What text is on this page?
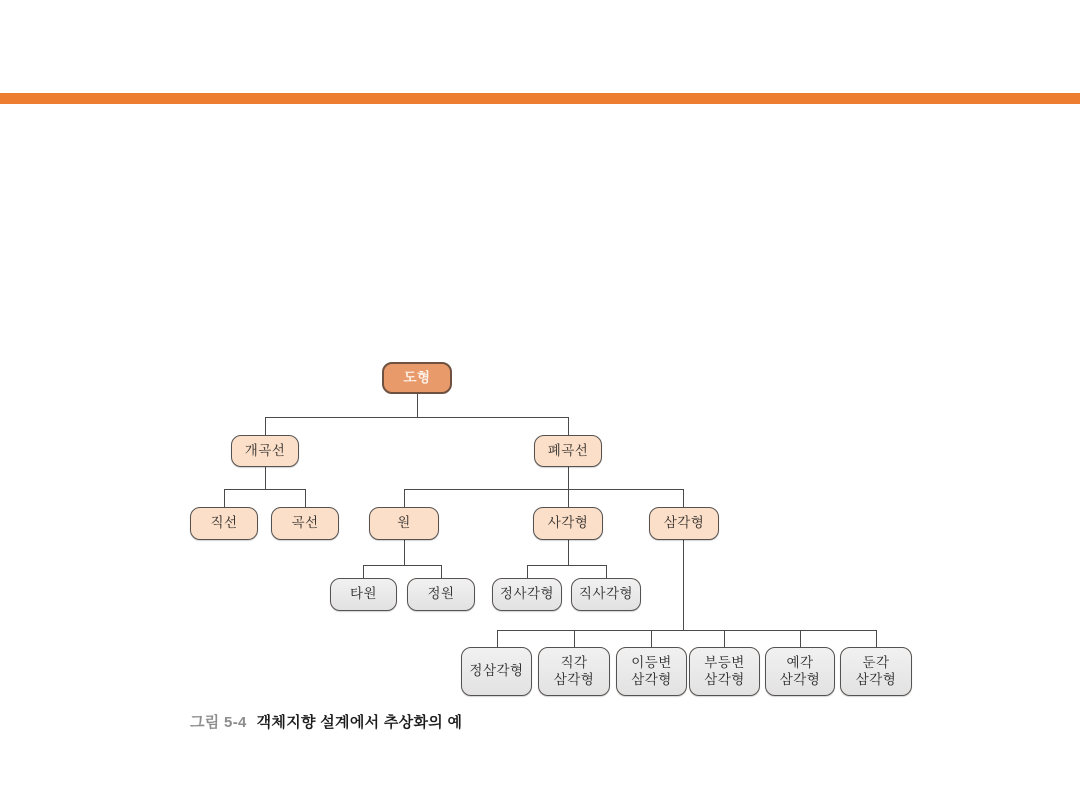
도형
개곡선	폐곡선
직선	곡선	원	사각형	삼각형
타원	정원	정사각형	직사각형
정삼각형
직각
삼각형
이등변
삼각형
부등변
삼각형
예각
삼각형
둔각
삼각형
그림 5-4 객체지향 설계에서 추상화의 예
